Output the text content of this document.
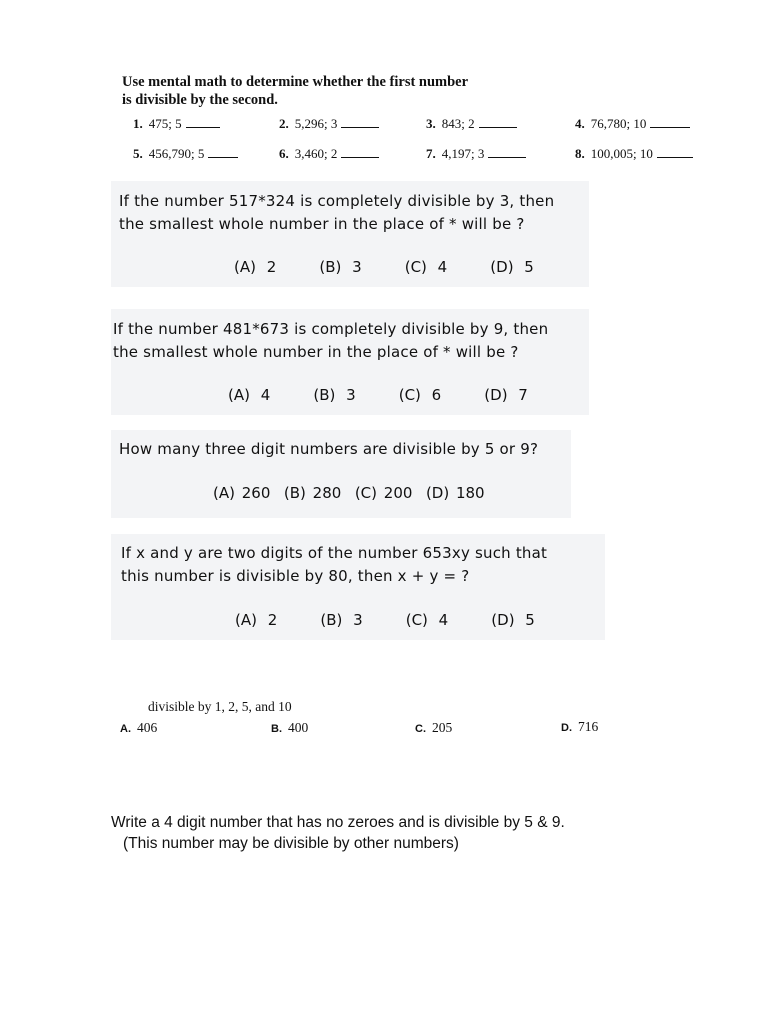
Use mental math to determine whether the first number
is divisible by the second.
1. 475; 5	2. 5,296; 3	3. 843; 2	4. 76,780; 10
5. 456,790; 5	6. 3,460; 2	7. 4,197; 3	8. 100,005; 10
If the number 517*324 is completely divisible by 3, then
the smallest whole number in the place of * will be ?
(A) 2    (B) 3    (C) 4    (D) 5
If the number 481*673 is completely divisible by 9, then
the smallest whole number in the place of * will be ?
(A) 4    (B) 3    (C) 6    (D) 7
How many three digit numbers are divisible by 5 or 9?
(A) 260  (B) 280  (C) 200  (D) 180
If x and y are two digits of the number 653xy such that
this number is divisible by 80, then x + y = ?
(A) 2    (B) 3    (C) 4    (D) 5
divisible by 1, 2, 5, and 10
A. 406	B. 400	C. 205	D. 716
Write a 4 digit number that has no zeroes and is divisible by 5 & 9.
(This number may be divisible by other numbers)
